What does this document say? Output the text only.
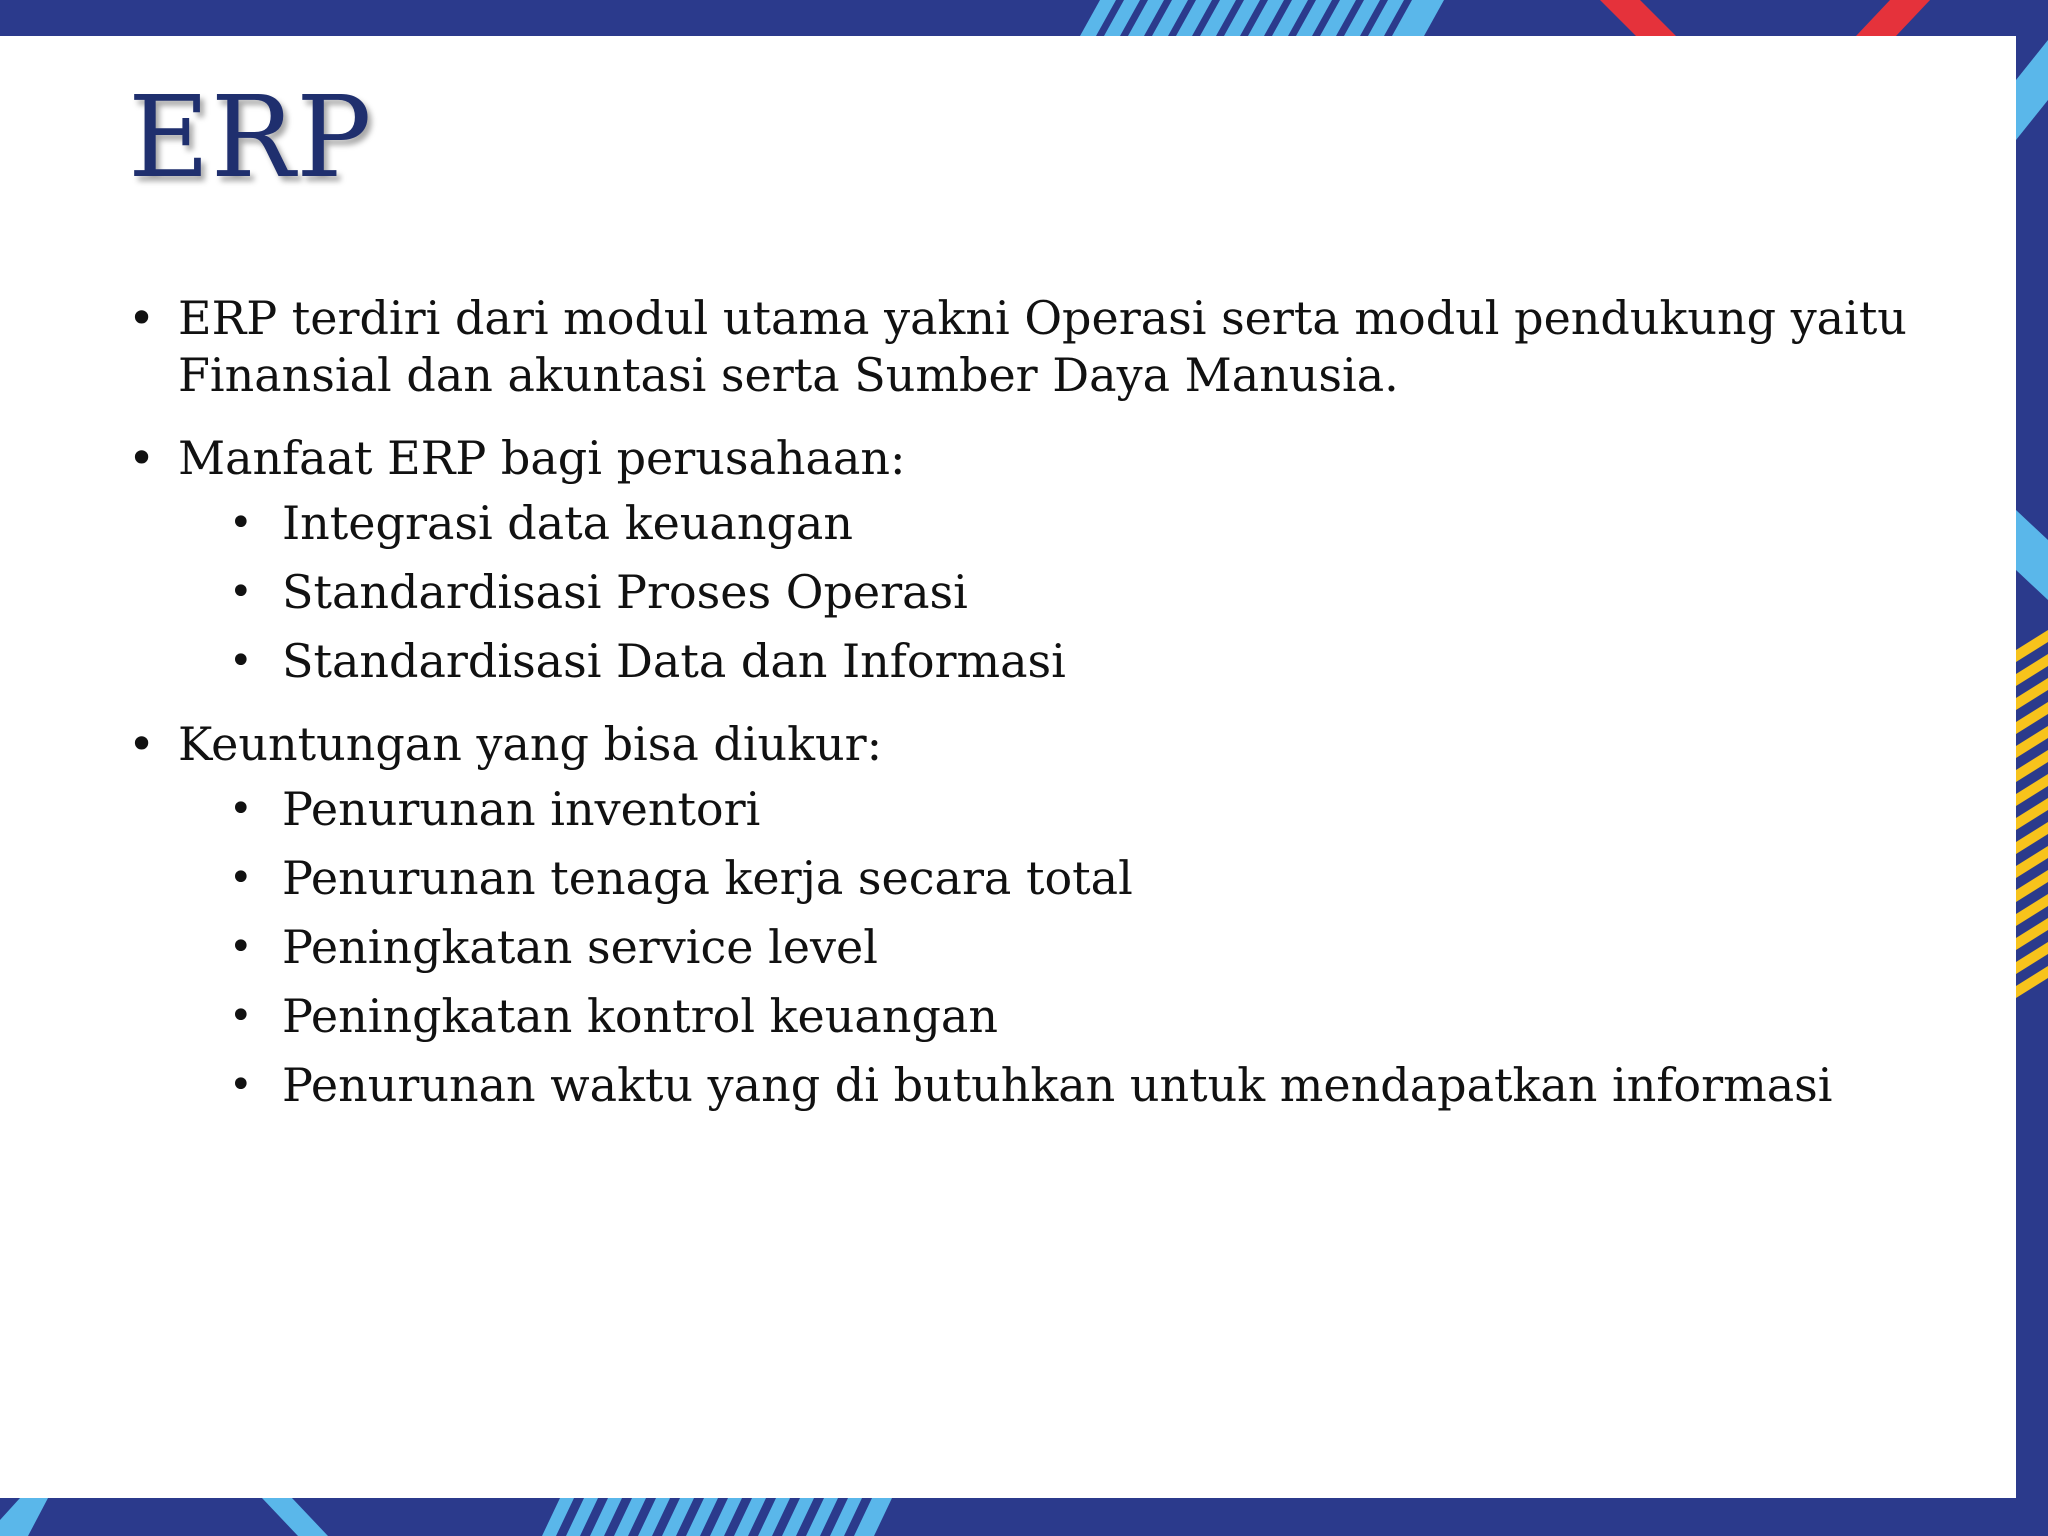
ERP
• ERP terdiri dari modul utama yakni Operasi serta modul pendukung yaitu Finansial dan akuntasi serta Sumber Daya Manusia.
• Manfaat ERP bagi perusahaan:
• Integrasi data keuangan
• Standardisasi Proses Operasi
• Standardisasi Data dan Informasi
• Keuntungan yang bisa diukur:
• Penurunan inventori
• Penurunan tenaga kerja secara total
• Peningkatan service level
• Peningkatan kontrol keuangan
• Penurunan waktu yang di butuhkan untuk mendapatkan informasi
